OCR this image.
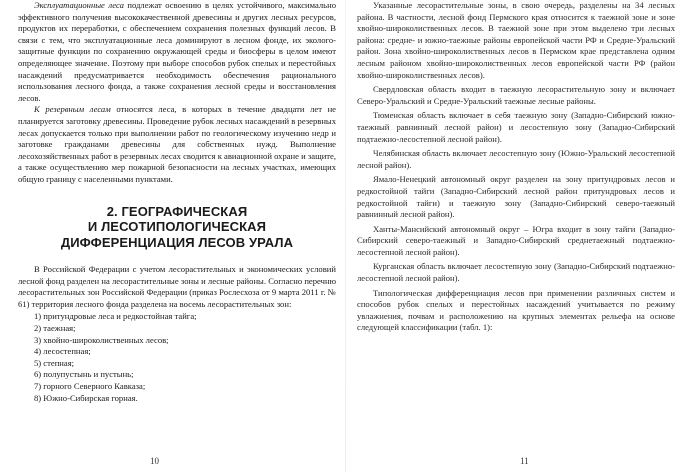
Эксплуатационные леса подлежат освоению в целях устойчивого, максимально эффективного получения высококачественной древесины и других лесных ресурсов, продуктов их переработки, с обеспечением сохранения полезных функций лесов. В связи с тем, что эксплуатационные леса доминируют в лесном фонде, их эколого-защитные функции по сохранению окружающей среды и биосферы в целом имеют определяющее значение. Поэтому при выборе способов рубок спелых и перестойных насаждений предусматривается необходимость обеспечения рационального использования лесного фонда, а также сохранения лесной среды и восстановления лесов.

К резервным лесам относятся леса, в которых в течение двадцати лет не планируется заготовку древесины. Проведение рубок лесных насаждений в резервных лесах допускается только при выполнении работ по геологическому изучению недр и заготовке гражданами древесины для собственных нужд. Выполнение лесохозяйственных работ в резервных лесах сводится к авиационной охране и защите, а также осуществлению мер пожарной безопасности на лесных участках, имеющих общую границу с населенными пунктами.

2. ГЕОГРАФИЧЕСКАЯ
И ЛЕСОТИПОЛОГИЧЕСКАЯ
ДИФФЕРЕНЦИАЦИЯ ЛЕСОВ УРАЛА

В Российской Федерации с учетом лесорастительных и экономических условий лесной фонд разделен на лесорастительные зоны и лесные районы. Согласно перечню лесорастительных зон Российской Федерации (приказ Рослесхоза от 9 марта 2011 г. № 61) территория лесного фонда разделена на восемь лесорастительных зон:

1) притундровые леса и редкостойная тайга;
2) таежная;
3) хвойно-широколиственных лесов;
4) лесостепная;
5) степная;
6) полупустынь и пустынь;
7) горного Северного Кавказа;
8) Южно-Сибирская горная.

Указанные лесорастительные зоны, в свою очередь, разделены на 34 лесных района. В частности, лесной фонд Пермского края относится к таежной зоне и зоне хвойно-широколиственных лесов. В таежной зоне при этом выделено три лесных района: средне- и южно-таежные районы европейской части РФ и Средне-Уральский район. Зона хвойно-широколиственных лесов в Пермском крае представлена одним лесным районом хвойно-широколиственных лесов европейской части РФ (район хвойно-широколиственных лесов).

Свердловская область входит в таежную лесорастительную зону и включает Северо-Уральский и Средне-Уральский таежные лесные районы.

Тюменская область включает в себя таежную зону (Западно-Сибирский южно-таежный равнинный лесной район) и лесостепную зону (Западно-Сибирский подтаежно-лесостепной лесной район).

Челябинская область включает лесостепную зону (Южно-Уральский лесостепной лесной район).

Ямало-Ненецкий автономный округ разделен на зону притундровых лесов и редкостойной тайги (Западно-Сибирский лесной район притундровых лесов и редкостойной тайги) и таежную зону (Западно-Сибирский северо-таежный равнинный лесной район).

Ханты-Мансийский автономный округ – Югра входит в зону тайги (Западно-Сибирский северо-таежный и Западно-Сибирский среднетаежный подтаежно-лесостепной лесной район).

Курганская область включает лесостепную зону (Западно-Сибирский подтаежно-лесостепной лесной район).

Типологическая дифференциация лесов при применении различных систем и способов рубок спелых и перестойных насаждений учитывается по режиму увлажнения, почвам и расположению на крупных элементах рельефа на основе следующей классификации (табл. 1):

10	11
